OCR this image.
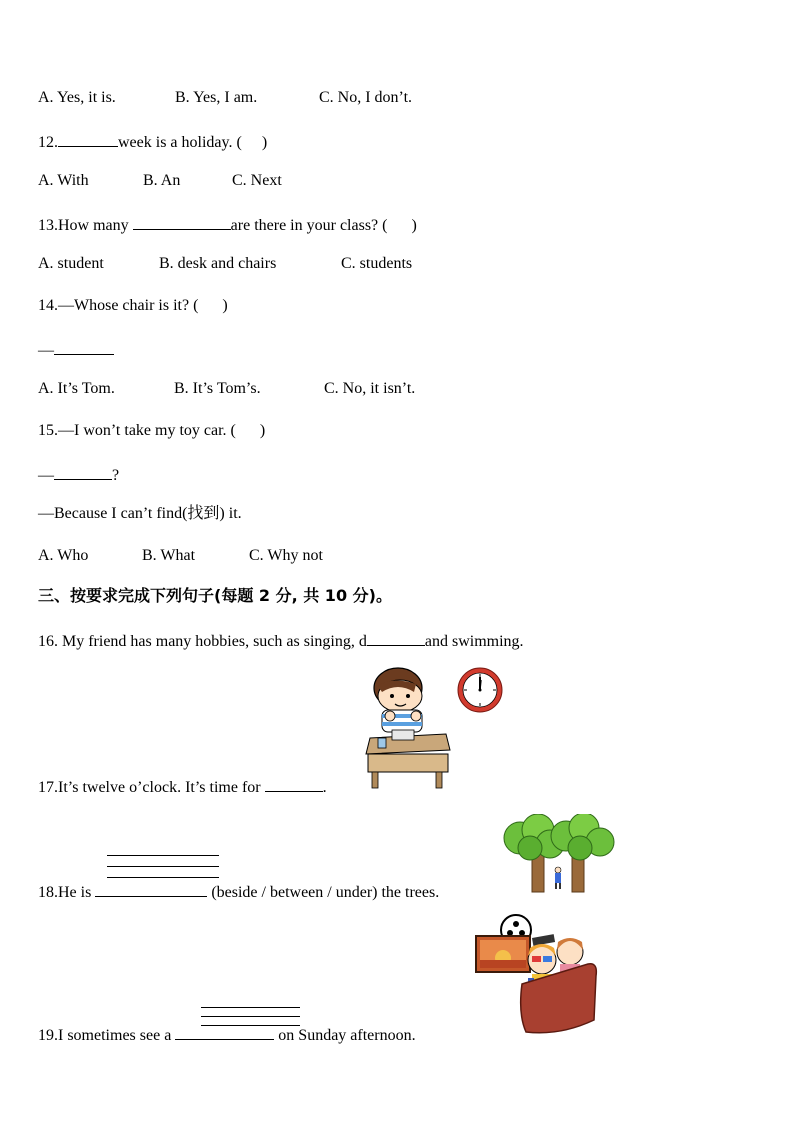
A. Yes, it is.	B. Yes, I am.	C. No, I don’t.
12.	week is a holiday. (     )
A. With	B. An	C. Next
13.How many	are there in your class? (      )
A. student	B. desk and chairs	C. students
14.—Whose chair is it? (      )
—
A. It’s Tom.	B. It’s Tom’s.	C. No, it isn’t.
15.—I won’t take my toy car. (      )
—	?
—Because I can’t find(找到) it.
A. Who	B. What	C. Why not
三、按要求完成下列句子(每题 2 分, 共 10 分)。
16. My friend has many hobbies, such as singing, d	and swimming.
17.It’s twelve o’clock. It’s time for	.
18.He is	(beside / between / under) the trees.
19.I sometimes see a	on Sunday afternoon.
